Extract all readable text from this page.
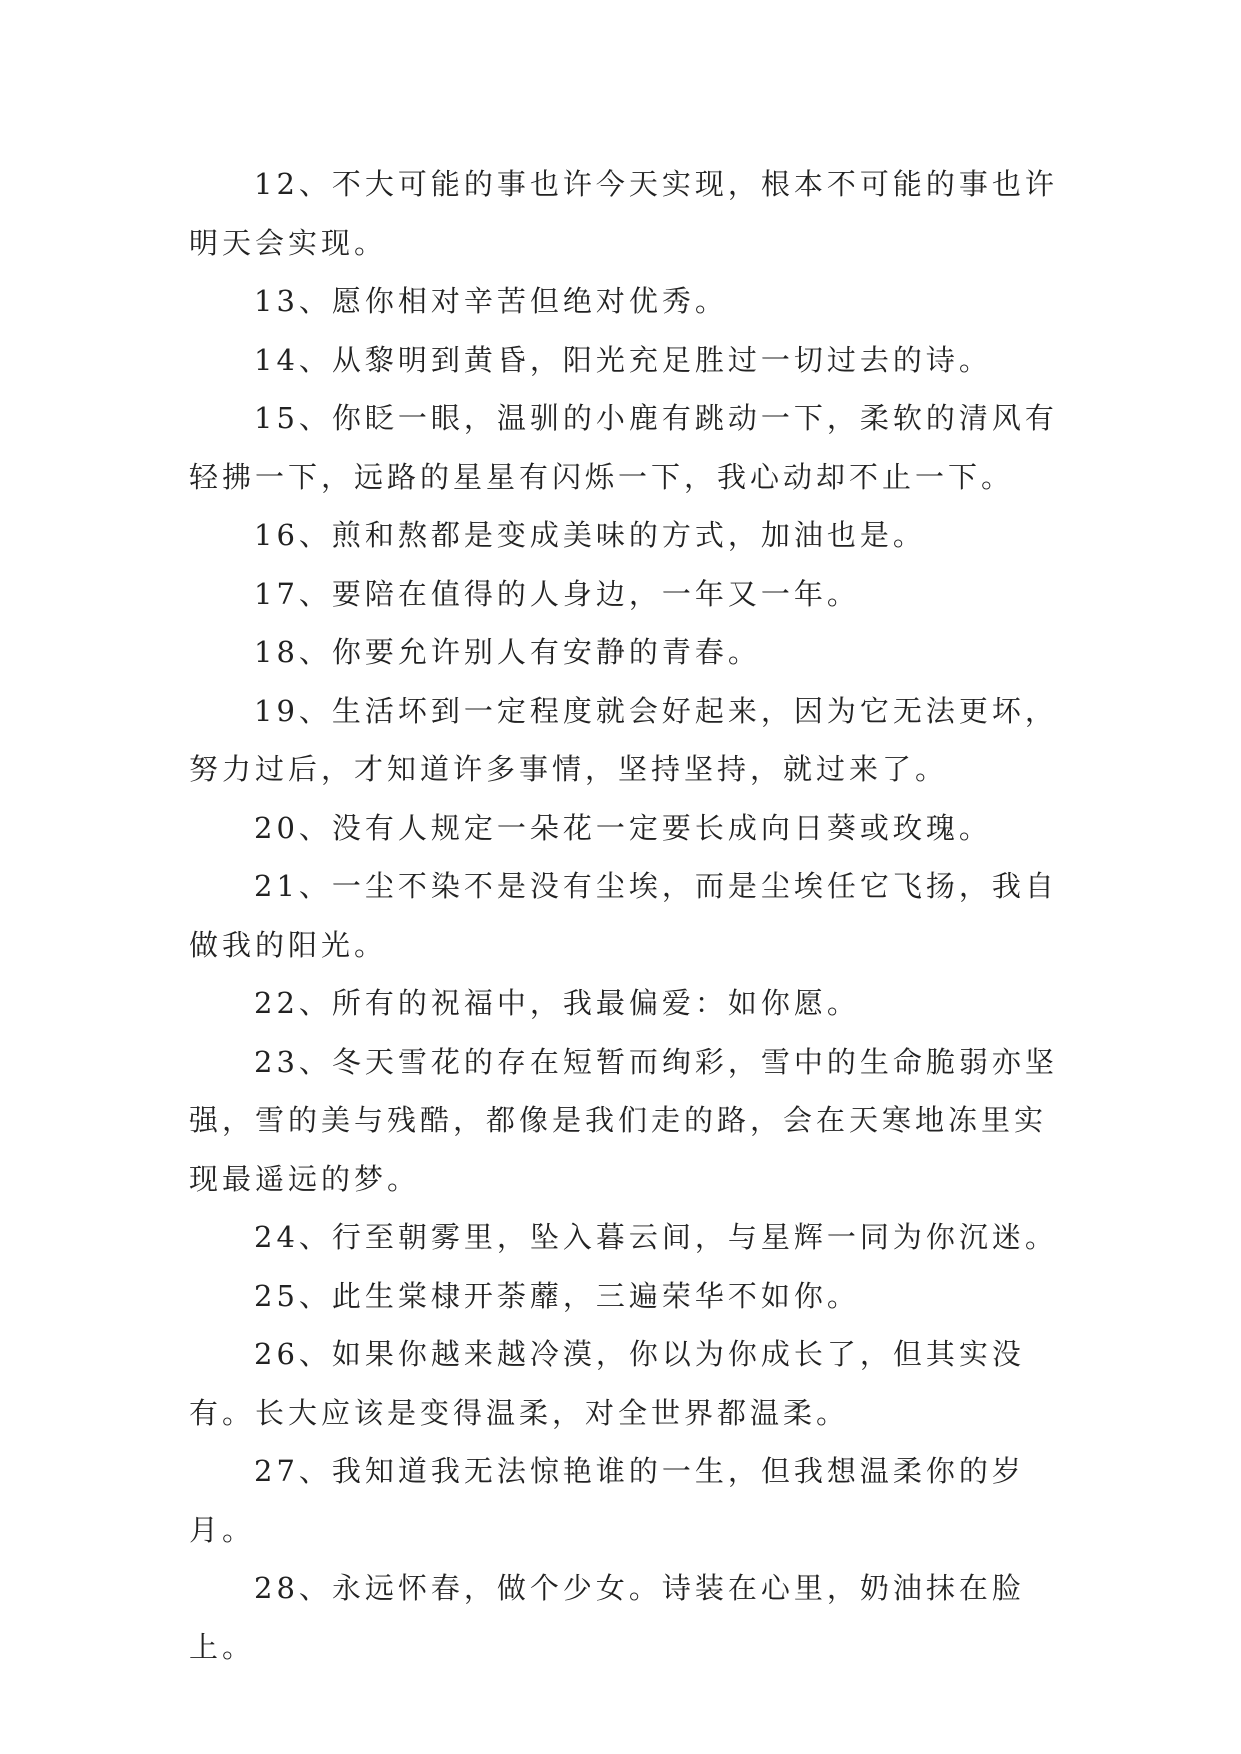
12、不大可能的事也许今天实现，根本不可能的事也许明天会实现。

13、愿你相对辛苦但绝对优秀。

14、从黎明到黄昏，阳光充足胜过一切过去的诗。

15、你眨一眼，温驯的小鹿有跳动一下，柔软的清风有轻拂一下，远路的星星有闪烁一下，我心动却不止一下。

16、煎和熬都是变成美味的方式，加油也是。

17、要陪在值得的人身边，一年又一年。

18、你要允许别人有安静的青春。

19、生活坏到一定程度就会好起来，因为它无法更坏，努力过后，才知道许多事情，坚持坚持，就过来了。

20、没有人规定一朵花一定要长成向日葵或玫瑰。

21、一尘不染不是没有尘埃，而是尘埃任它飞扬，我自做我的阳光。

22、所有的祝福中，我最偏爱：如你愿。

23、冬天雪花的存在短暂而绚彩，雪中的生命脆弱亦坚强，雪的美与残酷，都像是我们走的路，会在天寒地冻里实现最遥远的梦。

24、行至朝雾里，坠入暮云间，与星辉一同为你沉迷。

25、此生棠棣开荼蘼，三遍荣华不如你。

26、如果你越来越冷漠，你以为你成长了，但其实没有。长大应该是变得温柔，对全世界都温柔。

27、我知道我无法惊艳谁的一生，但我想温柔你的岁月。

28、永远怀春，做个少女。诗装在心里，奶油抹在脸上。
